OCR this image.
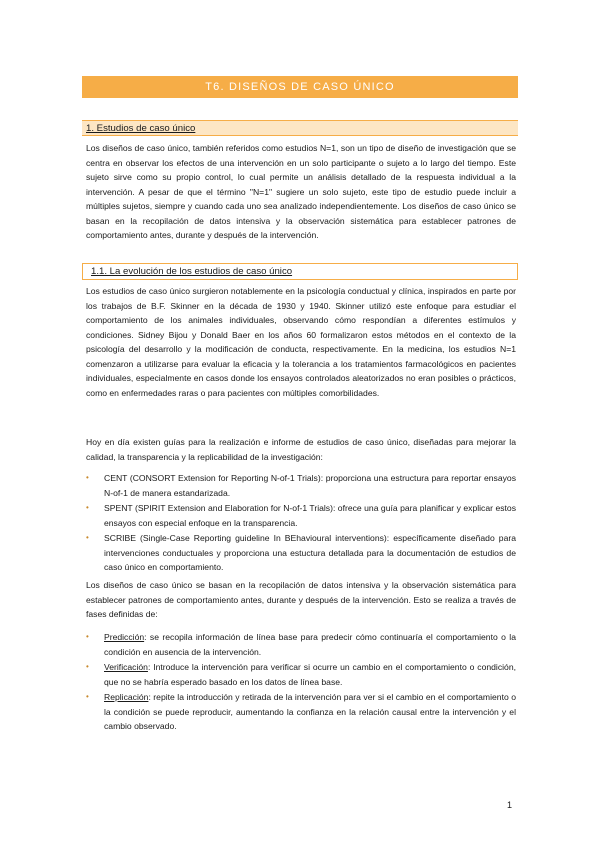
T6. DISEÑOS DE CASO ÚNICO
1. Estudios de caso único

Los diseños de caso único, también referidos como estudios N=1, son un tipo de diseño de investigación que se centra en observar los efectos de una intervención en un solo participante o sujeto a lo largo del tiempo. Este sujeto sirve como su propio control, lo cual permite un análisis detallado de la respuesta individual a la intervención. A pesar de que el término "N=1" sugiere un solo sujeto, este tipo de estudio puede incluir a múltiples sujetos, siempre y cuando cada uno sea analizado independientemente. Los diseños de caso único se basan en la recopilación de datos intensiva y la observación sistemática para establecer patrones de comportamiento antes, durante y después de la intervención.

1.1. La evolución de los estudios de caso único

Los estudios de caso único surgieron notablemente en la psicología conductual y clínica, inspirados en parte por los trabajos de B.F. Skinner en la década de 1930 y 1940. Skinner utilizó este enfoque para estudiar el comportamiento de los animales individuales, observando cómo respondían a diferentes estímulos y condiciones. Sidney Bijou y Donald Baer en los años 60 formalizaron estos métodos en el contexto de la psicología del desarrollo y la modificación de conducta, respectivamente. En la medicina, los estudios N=1 comenzaron a utilizarse para evaluar la eficacia y la tolerancia a los tratamientos farmacológicos en pacientes individuales, especialmente en casos donde los ensayos controlados aleatorizados no eran posibles o prácticos, como en enfermedades raras o para pacientes con múltiples comorbilidades.

Hoy en día existen guías para la realización e informe de estudios de caso único, diseñadas para mejorar la calidad, la transparencia y la replicabilidad de la investigación:

• CENT (CONSORT Extension for Reporting N-of-1 Trials): proporciona una estructura para reportar ensayos N-of-1 de manera estandarizada.
• SPENT (SPIRIT Extension and Elaboration for N-of-1 Trials): ofrece una guía para planificar y explicar estos ensayos con especial enfoque en la transparencia.
• SCRIBE (Single-Case Reporting guideline In BEhavioural interventions): específicamente diseñado para intervenciones conductuales y proporciona una estuctura detallada para la documentación de estudios de caso único en comportamiento.

Los diseños de caso único se basan en la recopilación de datos intensiva y la observación sistemática para establecer patrones de comportamiento antes, durante y después de la intervención. Esto se realiza a través de fases definidas de:

• Predicción: se recopila información de línea base para predecir cómo continuaría el comportamiento o la condición en ausencia de la intervención.
• Verificación: Introduce la intervención para verificar si ocurre un cambio en el comportamiento o condición, que no se habría esperado basado en los datos de línea base.
• Replicación: repite la introducción y retirada de la intervención para ver si el cambio en el comportamiento o la condición se puede reproducir, aumentando la confianza en la relación causal entre la intervención y el cambio observado.
1
